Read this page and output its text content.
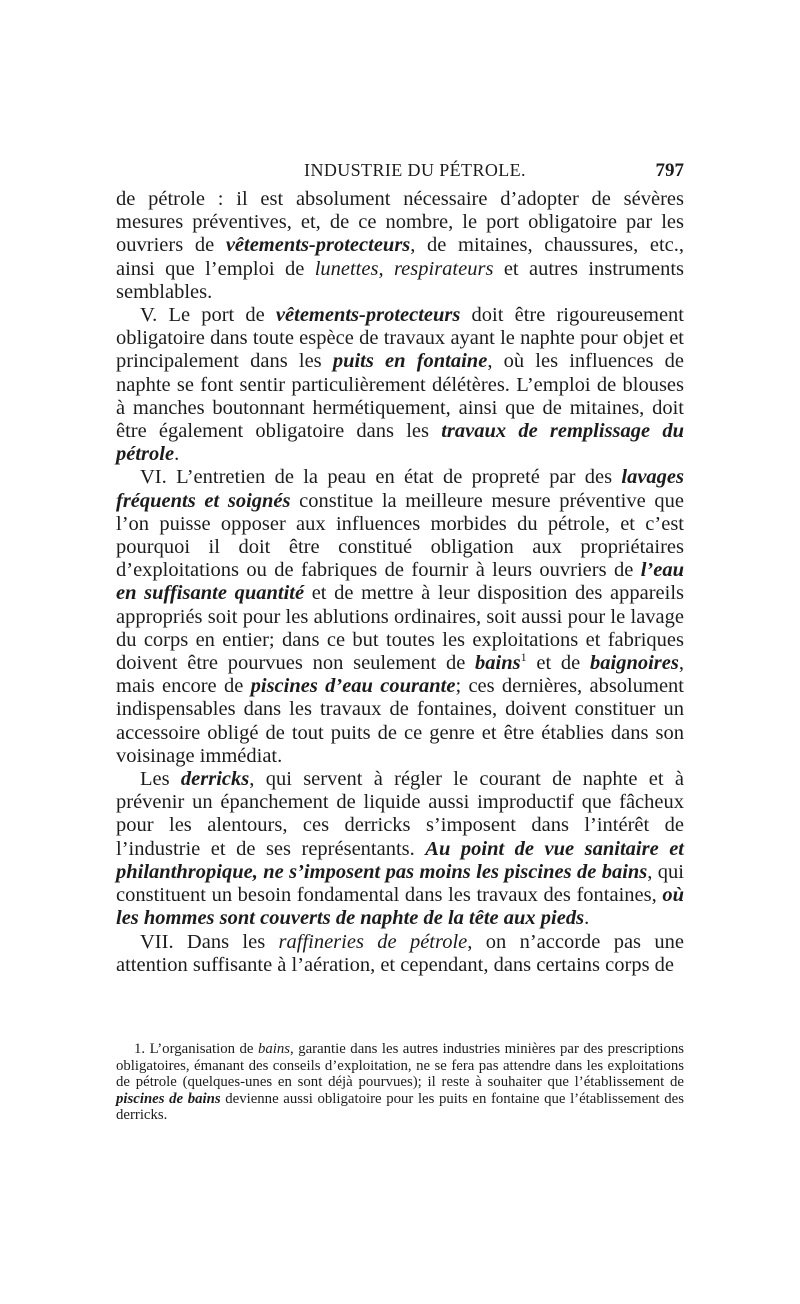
INDUSTRIE DU PÉTROLE.	797

de pétrole : il est absolument nécessaire d’adopter de sévères mesures préventives, et, de ce nombre, le port obligatoire par les ouvriers de vêtements-protecteurs, de mitaines, chaussures, etc., ainsi que l’emploi de lunettes, respirateurs et autres instruments semblables.

V. Le port de vêtements-protecteurs doit être rigoureusement obligatoire dans toute espèce de travaux ayant le naphte pour objet et principalement dans les puits en fontaine, où les influences de naphte se font sentir particulièrement délétères. L’emploi de blouses à manches boutonnant hermétiquement, ainsi que de mitaines, doit être également obligatoire dans les travaux de remplissage du pétrole.

VI. L’entretien de la peau en état de propreté par des lavages fréquents et soignés constitue la meilleure mesure préventive que l’on puisse opposer aux influences morbides du pétrole, et c’est pourquoi il doit être constitué obligation aux propriétaires d’exploitations ou de fabriques de fournir à leurs ouvriers de l’eau en suffisante quantité et de mettre à leur disposition des appareils appropriés soit pour les ablutions ordinaires, soit aussi pour le lavage du corps en entier; dans ce but toutes les exploitations et fabriques doivent être pourvues non seulement de bains$^1$ et de baignoires, mais encore de piscines d’eau courante; ces dernières, absolument indispensables dans les travaux de fontaines, doivent constituer un accessoire obligé de tout puits de ce genre et être établies dans son voisinage immédiat.

Les derricks, qui servent à régler le courant de naphte et à prévenir un épanchement de liquide aussi improductif que fâcheux pour les alentours, ces derricks s’imposent dans l’intérêt de l’industrie et de ses représentants. Au point de vue sanitaire et philanthropique, ne s’imposent pas moins les piscines de bains, qui constituent un besoin fondamental dans les travaux des fontaines, où les hommes sont couverts de naphte de la tête aux pieds.

VII. Dans les raffineries de pétrole, on n’accorde pas une attention suffisante à l’aération, et cependant, dans certains corps de

1. L’organisation de bains, garantie dans les autres industries minières par des prescriptions obligatoires, émanant des conseils d’exploitation, ne se fera pas attendre dans les exploitations de pétrole (quelques-unes en sont déjà pourvues); il reste à souhaiter que l’établissement de piscines de bains devienne aussi obligatoire pour les puits en fontaine que l’établissement des derricks.
